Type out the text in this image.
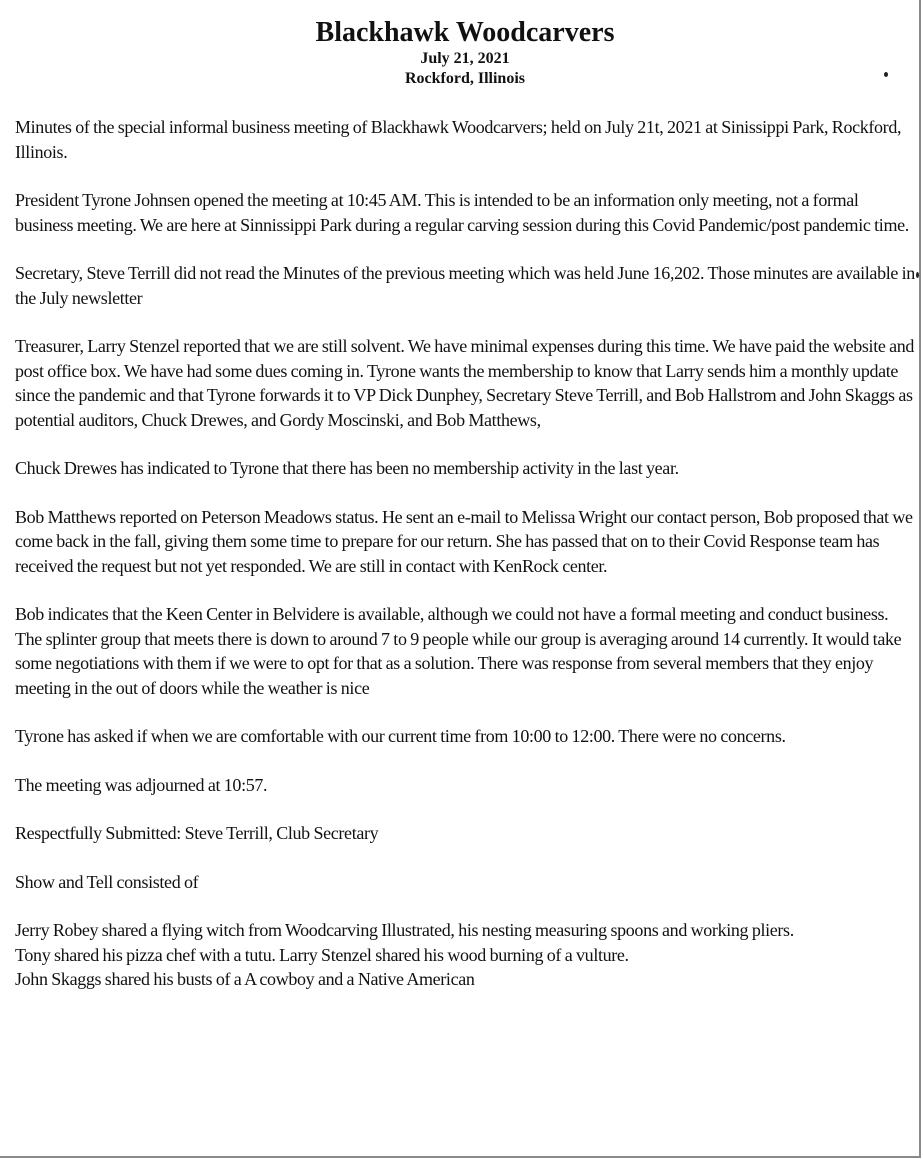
Blackhawk Woodcarvers

July 21, 2021

Rockford, Illinois

Minutes of the special informal business meeting of Blackhawk Woodcarvers; held on July 21t, 2021 at Sinissippi Park, Rockford, Illinois.

President Tyrone Johnsen opened the meeting at 10:45 AM. This is intended to be an information only meeting, not a formal business meeting. We are here at Sinnissippi Park during a regular carving session during this Covid Pandemic/post pandemic time.

Secretary, Steve Terrill did not read the Minutes of the previous meeting which was held June 16,202. Those minutes are available in the July newsletter

Treasurer, Larry Stenzel reported that we are still solvent. We have minimal expenses during this time. We have paid the website and post office box. We have had some dues coming in. Tyrone wants the membership to know that Larry sends him a monthly update since the pandemic and that Tyrone forwards it to VP Dick Dunphey, Secretary Steve Terrill, and Bob Hallstrom and John Skaggs as potential auditors, Chuck Drewes, and Gordy Moscinski, and Bob Matthews,

Chuck Drewes has indicated to Tyrone that there has been no membership activity in the last year.

Bob Matthews reported on Peterson Meadows status. He sent an e-mail to Melissa Wright our contact person, Bob proposed that we come back in the fall, giving them some time to prepare for our return. She has passed that on to their Covid Response team has received the request but not yet responded. We are still in contact with KenRock center.

Bob indicates that the Keen Center in Belvidere is available, although we could not have a formal meeting and conduct business. The splinter group that meets there is down to around 7 to 9 people while our group is averaging around 14 currently. It would take some negotiations with them if we were to opt for that as a solution. There was response from several members that they enjoy meeting in the out of doors while the weather is nice

Tyrone has asked if when we are comfortable with our current time from 10:00 to 12:00. There were no concerns.

The meeting was adjourned at 10:57.

Respectfully Submitted: Steve Terrill, Club Secretary

Show and Tell consisted of

Jerry Robey shared a flying witch from Woodcarving Illustrated, his nesting measuring spoons and working pliers.

Tony shared his pizza chef with a tutu. Larry Stenzel shared his wood burning of a vulture.

John Skaggs shared his busts of a A cowboy and a Native American
